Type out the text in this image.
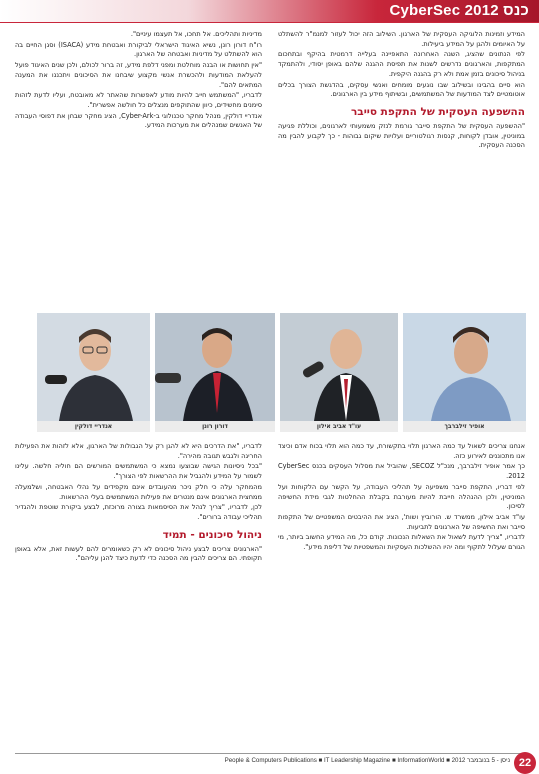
CyberSec 2012 כנס

המידע וזמינות הלוגיקה העסקית של הארגון. השילוב הזה יכול לעזור למנמ"ר להשתלט על האיומים ולהגן על המידע ביעילות.

לפי הנתונים שהציג, השנה האחרונה התאפיינה בעלייה דרמטית בהיקף ובתחכום המתקפות, והארגונים נדרשים לשנות את תפיסת ההגנה שלהם באופן יסודי, ולהתמקד בניהול סיכונים בזמן אמת ולא רק בהגנה היקפית.

הוא סיים בהבינו ובשילוב שבו נוגעים מומחים ואנשי עסקים, בהדגשת הצורך בכלים אוטומטיים לצד המודעות של המשתמשים, ובשיתוף מידע בין הארגונים.

ההשפעה העסקית של התקפת סייבר

"ההשפעה העסקית של התקפת סייבר גורמת לנזק משמעותי לארגונים, וכוללת פגיעה במוניטין, אובדן לקוחות, קנסות רגולטוריים ועלויות שיקום גבוהות - כך לקבוע להבין מה הסכנה העסקית.

מדיניות ותהליכים. אל תחכו, אל תעצמו עיניים".

רו"ח דורון רונן, נשיא האיגוד הישראלי לביקורת ואבטחת מידע (ISACA) וסגן החיים בה הוא להשתלט על מדיניות ואבטחה של הארגון.

"אין תחושות או הבנה מוחלטת ומפני דלפת מידע, זה ברור לכולם, ולכן שנים האיגוד פועל להעלאת המודעות ולהכשרת אנשי מקצוע שיבחנו את הסיכונים ויתכננו את המענה המתאים להם".

לדבריו, "המשתמש חייב להיות מודע לאפשרות שהאתר לא מאובטח, ועליו לדעת לזהות סימנים מחשידים, כיוון שהתוקפים מנצלים כל חולשה אפשרית".

אנדריי דולקין, מנהל מחקר טכנולוגי ב-Cyber-Ark, הציג מחקר שבחן את דפוסי העבודה של האנשים שמנהלים את מערכות המידע.

אופיר זילברבך
עו"ד אביב אילון
דורון רונן
אנדריי דולקין

אנחנו צריכים לשאול עד כמה הארגון תלוי בתקשורת, עד כמה הוא תלוי בכוח אדם וכיצד אנו מתכוננים לאירוע כזה.

כך אמר אופיר זילברבך, מנכ"ל SECOZ, שהוביל את מסלול העסקים בכנס CyberSec 2012.

לפי דבריו, התקפת סייבר משפיעה על תהליכי העבודה, על הקשר עם הלקוחות ועל המוניטין, ולכן ההנהלה חייבת להיות מעורבת בקבלת ההחלטות לגבי מידת החשיפה לסיכון.

עו"ד אביב אילון, ממשרד ש. הורוביץ ושות', הציג את ההיבטים המשפטיים של התקפות סייבר ואת החשיפה של הארגונים לתביעות.

לדבריו, "צריך לדעת לשאול את השאלות הנכונות. קודם כל, מה המידע החשוב ביותר, מי הגורם שעלול לתקוף ומה יהיו ההשלכות העסקיות והמשפטיות של דליפת מידע".

לדבריו, "את הדרכים היא לא להגן רק על הגבולות של הארגון, אלא לזהות את הפעילות החריגה ולגבש תגובה מהירה".

"בכל ניסיונות הגישה שבוצעו נמצא כי המשתמשים המורשים הם חוליה חלשה. עלינו לשמור על המידע ולהגביל את ההרשאות לפי הצורך".

מהמחקר עלה כי חלק ניכר מהעובדים אינם מקפידים על נהלי האבטחה, ושלמעלה ממחצית הארגונים אינם מנטרים את פעילות המשתמשים בעלי ההרשאות.

לכן, לדבריו, "צריך לנהל את הסיסמאות בצורה מרוכזת, לבצע ביקורת שוטפת ולהגדיר תהליכי עבודה ברורים".

ניהול סיכונים - תמיד

"הארגונים צריכים לבצע ניהול סיכונים לא רק כשאומרים להם לעשות זאת, אלא באופן תקופתי. הם צריכים להבין מה הסכנה כדי לדעת כיצד להגן עליהם".

People & Computers Publications ■ IT Leadership Magazine ■ InformationWorld ■ 2012 ניסן - 5 בנובמבר 22
